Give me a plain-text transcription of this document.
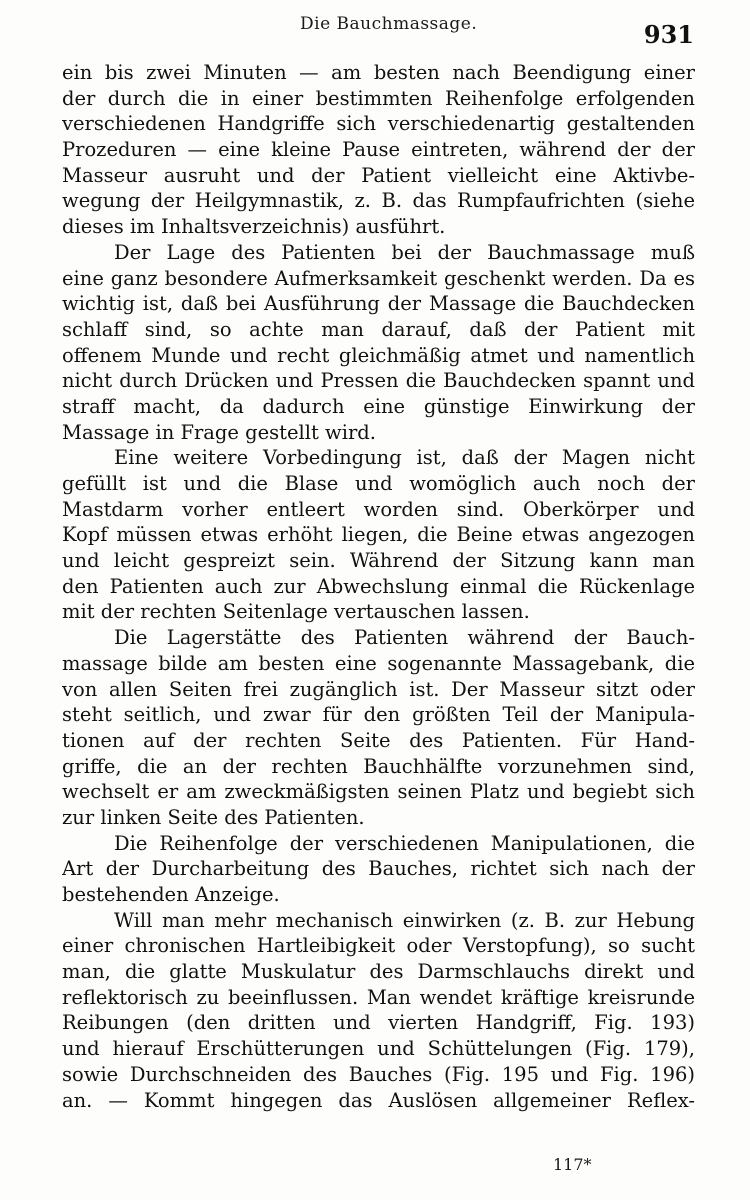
Die Bauchmassage.	931
ein bis zwei Minuten — am besten nach Beendigung einer
der durch die in einer bestimmten Reihenfolge erfolgenden
verschiedenen Handgriffe sich verschiedenartig gestaltenden
Prozeduren — eine kleine Pause eintreten, während der der
Masseur ausruht und der Patient vielleicht eine Aktivbe-
wegung der Heilgymnastik, z. B. das Rumpfaufrichten (siehe
dieses im Inhaltsverzeichnis) ausführt.
Der Lage des Patienten bei der Bauchmassage muß
eine ganz besondere Aufmerksamkeit geschenkt werden. Da es
wichtig ist, daß bei Ausführung der Massage die Bauchdecken
schlaff sind, so achte man darauf, daß der Patient mit
offenem Munde und recht gleichmäßig atmet und namentlich
nicht durch Drücken und Pressen die Bauchdecken spannt und
straff macht, da dadurch eine günstige Einwirkung der
Massage in Frage gestellt wird.
Eine weitere Vorbedingung ist, daß der Magen nicht
gefüllt ist und die Blase und womöglich auch noch der
Mastdarm vorher entleert worden sind. Oberkörper und
Kopf müssen etwas erhöht liegen, die Beine etwas angezogen
und leicht gespreizt sein. Während der Sitzung kann man
den Patienten auch zur Abwechslung einmal die Rückenlage
mit der rechten Seitenlage vertauschen lassen.
Die Lagerstätte des Patienten während der Bauch-
massage bilde am besten eine sogenannte Massagebank, die
von allen Seiten frei zugänglich ist. Der Masseur sitzt oder
steht seitlich, und zwar für den größten Teil der Manipula-
tionen auf der rechten Seite des Patienten. Für Hand-
griffe, die an der rechten Bauchhälfte vorzunehmen sind,
wechselt er am zweckmäßigsten seinen Platz und begiebt sich
zur linken Seite des Patienten.
Die Reihenfolge der verschiedenen Manipulationen, die
Art der Durcharbeitung des Bauches, richtet sich nach der
bestehenden Anzeige.
Will man mehr mechanisch einwirken (z. B. zur Hebung
einer chronischen Hartleibigkeit oder Verstopfung), so sucht
man, die glatte Muskulatur des Darmschlauchs direkt und
reflektorisch zu beeinflussen. Man wendet kräftige kreisrunde
Reibungen (den dritten und vierten Handgriff, Fig. 193)
und hierauf Erschütterungen und Schüttelungen (Fig. 179),
sowie Durchschneiden des Bauches (Fig. 195 und Fig. 196)
an. — Kommt hingegen das Auslösen allgemeiner Reflex-
117*
